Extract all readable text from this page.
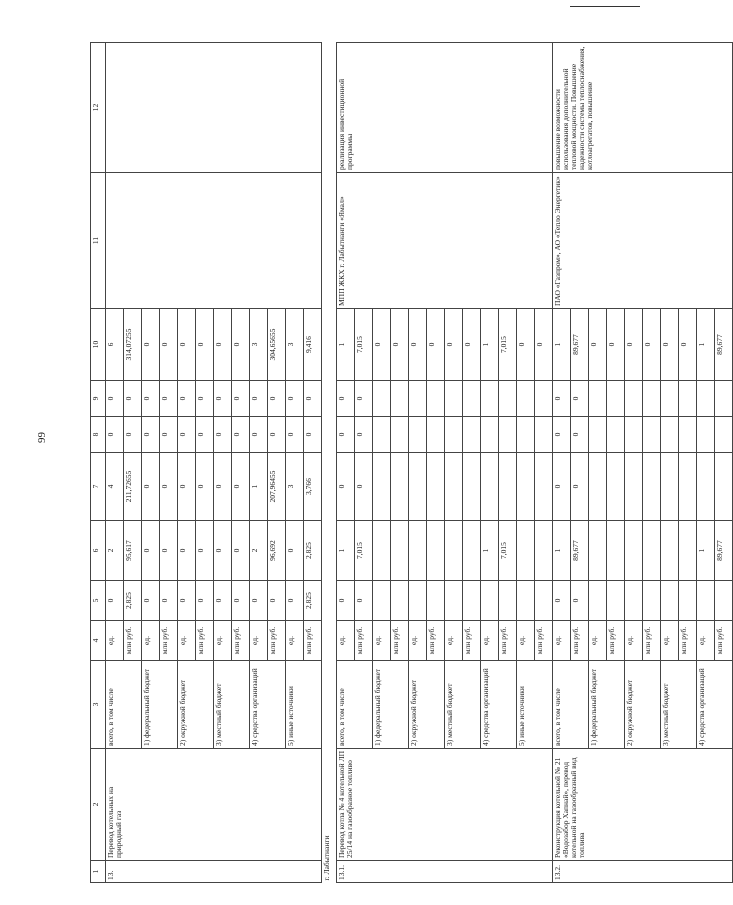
99
1	2	3	4	5	6	7	8	9	10	11	12
13.	Перевод котельных на природный газ	всего, в том числе	ед.	0	2	4	0	0	6		
			млн руб.	2,825	95,617	211,72655	0	0	314,07255		
		1) федеральный бюджет	ед.	0	0	0	0	0	0		
			млн руб.	0	0	0	0	0	0		
		2) окружной бюджет	ед.	0	0	0	0	0	0		
			млн руб.	0	0	0	0	0	0		
		3) местный бюджет	ед.	0	0	0	0	0	0		
			млн руб.	0	0	0	0	0	0		
		4) средства организаций	ед.	0	2	1	0	0	3		
			млн руб.	0	96,692	207,96455	0	0	304,65655		
		5) иные источники	ед.	0	0	3	0	0	3		
			млн руб.	2,825	2,825	3,766	0	0	9,416		
г. Лабытнанги											
13.1.	Перевод котла № 4 котельной ЛП 25/14 на газообразное топливо	всего, в том числе	ед.	0	1	0	0	0	1	МПП ЖКХ г. Лабытнанги «Ямал»	реализация инвестиционной программы
			млн руб.	0	7,015	0	0	0	7,015		
		1) федеральный бюджет	ед.						0		
			млн руб.						0		
		2) окружной бюджет	ед.						0		
			млн руб.						0		
		3) местный бюджет	ед.						0		
			млн руб.						0		
		4) средства организаций	ед.		1				1		
			млн руб.		7,015				7,015		
		5) иные источники	ед.						0		
			млн руб.						0		
13.2.	Реконструкция котельной № 21 «Водозабор Хапнай», перевод котельной на газообразный вид топлива	всего, в том числе	ед.	0	1	0	0	0	1	ПАО «Газпром», АО «Тепло Энергетик»	повышение возможности использования дополнительной тепловой мощности. Повышение надежности системы теплоснабжения, котлоагрегатов, повышение
			млн руб.	0	89,677	0	0	0	89,677		
		1) федеральный бюджет	ед.						0		
			млн руб.						0		
		2) окружной бюджет	ед.						0		
			млн руб.						0		
		3) местный бюджет	ед.						0		
			млн руб.						0		
		4) средства организаций	ед.		1				1		
			млн руб.		89,677				89,677		
